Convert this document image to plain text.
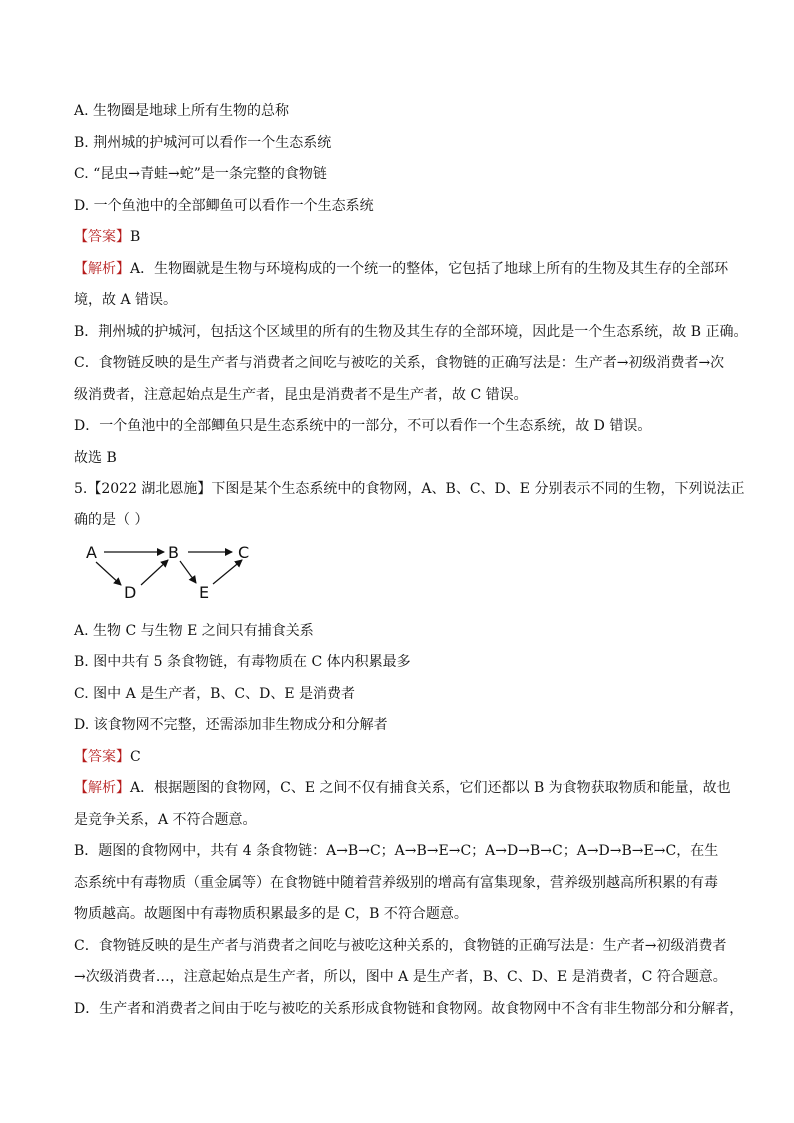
A. 生物圈是地球上所有生物的总称
B. 荆州城的护城河可以看作一个生态系统
C. “昆虫→青蛙→蛇”是一条完整的食物链
D. 一个鱼池中的全部鲫鱼可以看作一个生态系统
【答案】B
【解析】A．生物圈就是生物与环境构成的一个统一的整体，它包括了地球上所有的生物及其生存的全部环
境，故 A 错误。
B．荆州城的护城河，包括这个区域里的所有的生物及其生存的全部环境，因此是一个生态系统，故 B 正确。
C．食物链反映的是生产者与消费者之间吃与被吃的关系，食物链的正确写法是：生产者→初级消费者→次
级消费者，注意起始点是生产者，昆虫是消费者不是生产者，故 C 错误。
D．一个鱼池中的全部鲫鱼只是生态系统中的一部分，不可以看作一个生态系统，故 D 错误。
故选 B
5.【2022 湖北恩施】下图是某个生态系统中的食物网，A、B、C、D、E 分别表示不同的生物，下列说法正
确的是（ ）
A	B	C
D	E
A. 生物 C 与生物 E 之间只有捕食关系
B. 图中共有 5 条食物链，有毒物质在 C 体内积累最多
C. 图中 A 是生产者，B、C、D、E 是消费者
D. 该食物网不完整，还需添加非生物成分和分解者
【答案】C
【解析】A．根据题图的食物网，C、E 之间不仅有捕食关系，它们还都以 B 为食物获取物质和能量，故也
是竞争关系，A 不符合题意。
B．题图的食物网中，共有 4 条食物链：A→B→C；A→B→E→C；A→D→B→C；A→D→B→E→C，在生
态系统中有毒物质（重金属等）在食物链中随着营养级别的增高有富集现象，营养级别越高所积累的有毒
物质越高。故题图中有毒物质积累最多的是 C，B 不符合题意。
C．食物链反映的是生产者与消费者之间吃与被吃这种关系的，食物链的正确写法是：生产者→初级消费者
→次级消费者…，注意起始点是生产者，所以，图中 A 是生产者，B、C、D、E 是消费者，C 符合题意。
D．生产者和消费者之间由于吃与被吃的关系形成食物链和食物网。故食物网中不含有非生物部分和分解者，
